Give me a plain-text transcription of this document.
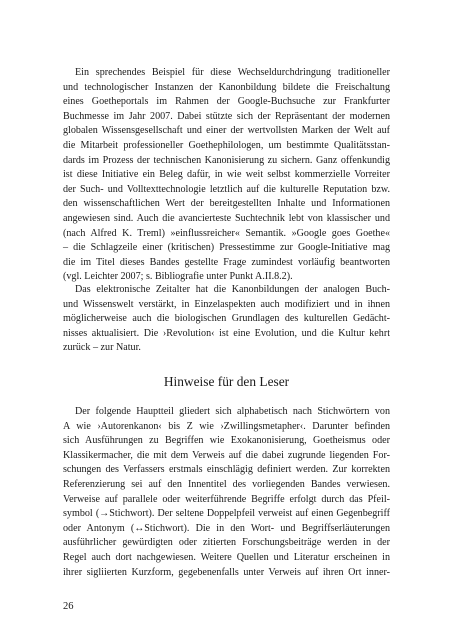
Ein sprechendes Beispiel für diese Wechseldurchdringung traditioneller
und technologischer Instanzen der Kanonbildung bildete die Freischaltung
eines Goetheportals im Rahmen der Google-Buchsuche zur Frankfurter
Buchmesse im Jahr 2007. Dabei stützte sich der Repräsentant der modernen
globalen Wissensgesellschaft und einer der wertvollsten Marken der Welt auf
die Mitarbeit professioneller Goethephilologen, um bestimmte Qualitätsstan-
dards im Prozess der technischen Kanonisierung zu sichern. Ganz offenkundig
ist diese Initiative ein Beleg dafür, in wie weit selbst kommerzielle Vorreiter
der Such- und Volltexttechnologie letztlich auf die kulturelle Reputation bzw.
den wissenschaftlichen Wert der bereitgestellten Inhalte und Informationen
angewiesen sind. Auch die avancierteste Suchtechnik lebt von klassischer und
(nach Alfred K. Treml) »einflussreicher« Semantik. »Google goes Goethe«
– die Schlagzeile einer (kritischen) Pressestimme zur Google-Initiative mag
die im Titel dieses Bandes gestellte Frage zumindest vorläufig beantworten
(vgl. Leichter 2007; s. Bibliografie unter Punkt A.II.8.2).
Das elektronische Zeitalter hat die Kanonbildungen der analogen Buch-
und Wissenswelt verstärkt, in Einzelaspekten auch modifiziert und in ihnen
möglicherweise auch die biologischen Grundlagen des kulturellen Gedächt-
nisses aktualisiert. Die ›Revolution‹ ist eine Evolution, und die Kultur kehrt
zurück – zur Natur.
Hinweise für den Leser
Der folgende Hauptteil gliedert sich alphabetisch nach Stichwörtern von
A wie ›Autorenkanon‹ bis Z wie ›Zwillingsmetapher‹. Darunter befinden
sich Ausführungen zu Begriffen wie Exokanonisierung, Goetheismus oder
Klassikermacher, die mit dem Verweis auf die dabei zugrunde liegenden For-
schungen des Verfassers erstmals einschlägig definiert werden. Zur korrekten
Referenzierung sei auf den Innentitel des vorliegenden Bandes verwiesen.
Verweise auf parallele oder weiterführende Begriffe erfolgt durch das Pfeil-
symbol (→Stichwort). Der seltene Doppelpfeil verweist auf einen Gegenbegriff
oder Antonym (↔Stichwort). Die in den Wort- und Begriffserläuterungen
ausführlicher gewürdigten oder zitierten Forschungsbeiträge werden in der
Regel auch dort nachgewiesen. Weitere Quellen und Literatur erscheinen in
ihrer sigliierten Kurzform, gegebenenfalls unter Verweis auf ihren Ort inner-
26
